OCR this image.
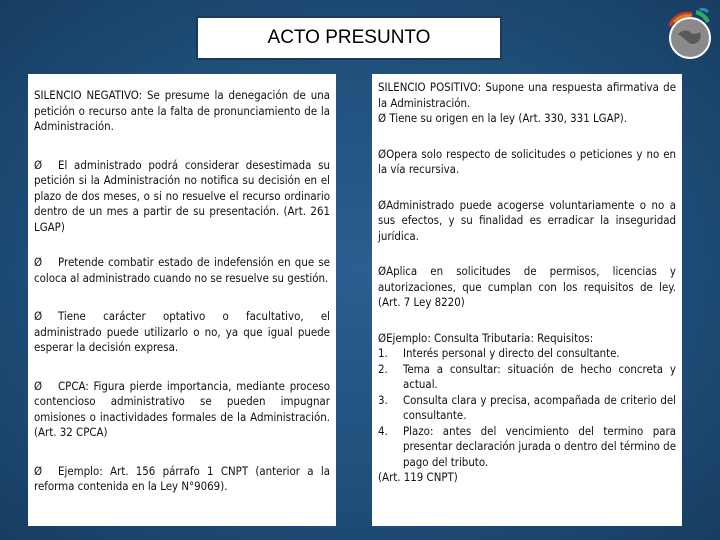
ACTO PRESUNTO

SILENCIO NEGATIVO: Se presume la denegación de una petición o recurso ante la falta de pronunciamiento de la Administración.

Ø El administrado podrá considerar desestimada su petición si la Administración no notifica su decisión en el plazo de dos meses, o si no resuelve el recurso ordinario dentro de un mes a partir de su presentación. (Art. 261 LGAP)

Ø Pretende combatir estado de indefensión en que se coloca al administrado cuando no se resuelve su gestión.

Ø Tiene carácter optativo o facultativo, el administrado puede utilizarlo o no, ya que igual puede esperar la decisión expresa.

Ø CPCA: Figura pierde importancia, mediante proceso contencioso administrativo se pueden impugnar omisiones o inactividades formales de la Administración. (Art. 32 CPCA)

Ø Ejemplo: Art. 156 párrafo 1 CNPT (anterior a la reforma contenida en la Ley N°9069).

SILENCIO POSITIVO: Supone una respuesta afirmativa de la Administración.

Ø Tiene su origen en la ley (Art. 330, 331 LGAP).

ØOpera solo respecto de solicitudes o peticiones y no en la vía recursiva.

ØAdministrado puede acogerse voluntariamente o no a sus efectos, y su finalidad es erradicar la inseguridad jurídica.

ØAplica en solicitudes de permisos, licencias y autorizaciones, que cumplan con los requisitos de ley. (Art. 7 Ley 8220)

ØEjemplo: Consulta Tributaria: Requisitos:

1.	Interés personal y directo del consultante.
2.	Tema a consultar: situación de hecho concreta y actual.
3.	Consulta clara y precisa, acompañada de criterio del consultante.
4.	Plazo: antes del vencimiento del termino para presentar declaración jurada o dentro del término de pago del tributo.

(Art. 119 CNPT)
